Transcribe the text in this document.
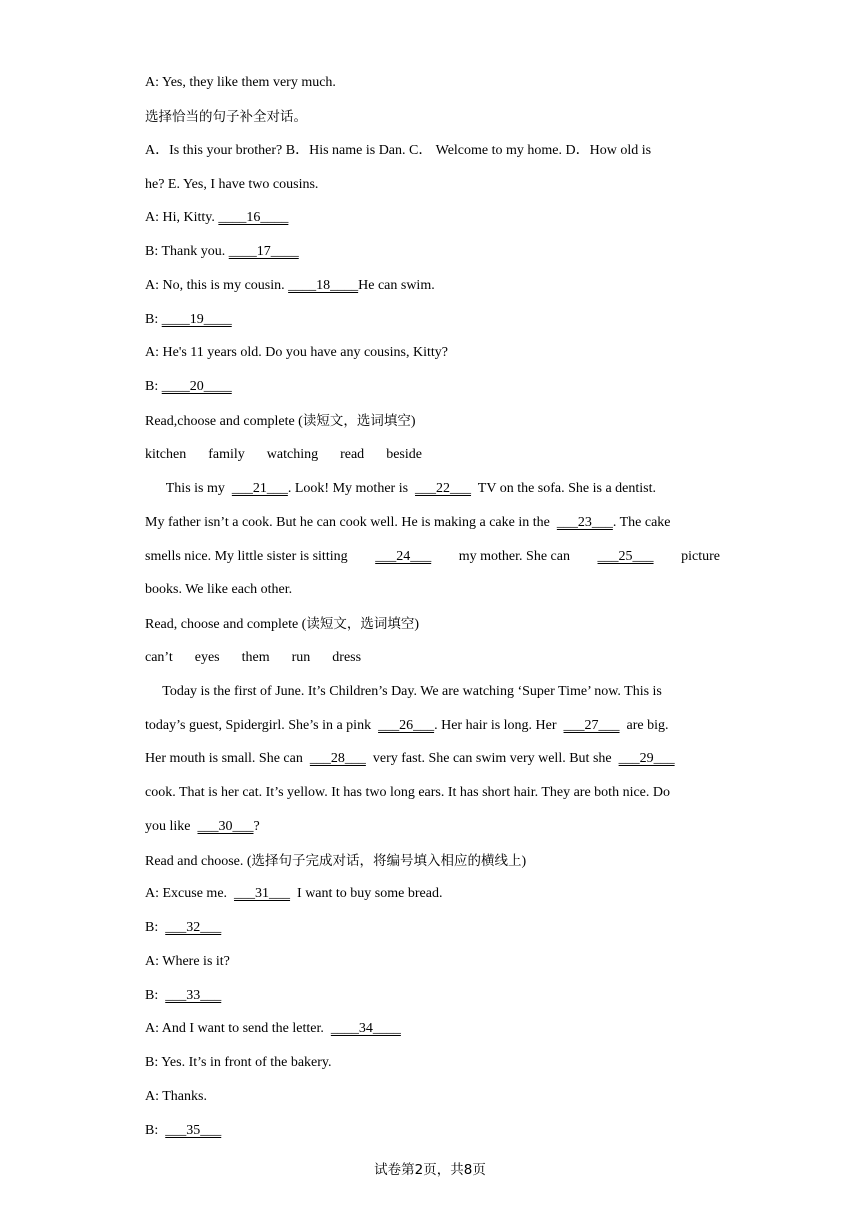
A: Yes, they like them very much.
选择恰当的句子补全对话。
A．Is this your brother? B．His name is Dan. C． Welcome to my home. D．How old is
he? E. Yes, I have two cousins.
A: Hi, Kitty. ____16____
B: Thank you. ____17____
A: No, this is my cousin. ____18____He can swim.
B: ____19____
A: He's 11 years old. Do you have any cousins, Kitty?
B: ____20____
Read,choose and complete (读短文，选词填空)
kitchen family watching read beside
This is my  ___21___. Look! My mother is  ___22___  TV on the sofa. She is a dentist.
My father isn’t a cook. But he can cook well. He is making a cake in the  ___23___. The cake
smells nice. My little sister is sitting ___24___ my mother. She can ___25___ picture
books. We like each other.
Read, choose and complete (读短文，选词填空)
can’t eyes them run dress
Today is the first of June. It’s Children’s Day. We are watching ‘Super Time’ now. This is
today’s guest, Spidergirl. She’s in a pink  ___26___. Her hair is long. Her  ___27___  are big.
Her mouth is small. She can  ___28___  very fast. She can swim very well. But she  ___29___
cook. That is her cat. It’s yellow. It has two long ears. It has short hair. They are both nice. Do
you like  ___30___?
Read and choose. (选择句子完成对话，将编号填入相应的横线上)
A: Excuse me.  ___31___  I want to buy some bread.
B:  ___32___
A: Where is it?
B:  ___33___
A: And I want to send the letter.  ____34____
B: Yes. It’s in front of the bakery.
A: Thanks.
B:  ___35___
试卷第2页，共8页
